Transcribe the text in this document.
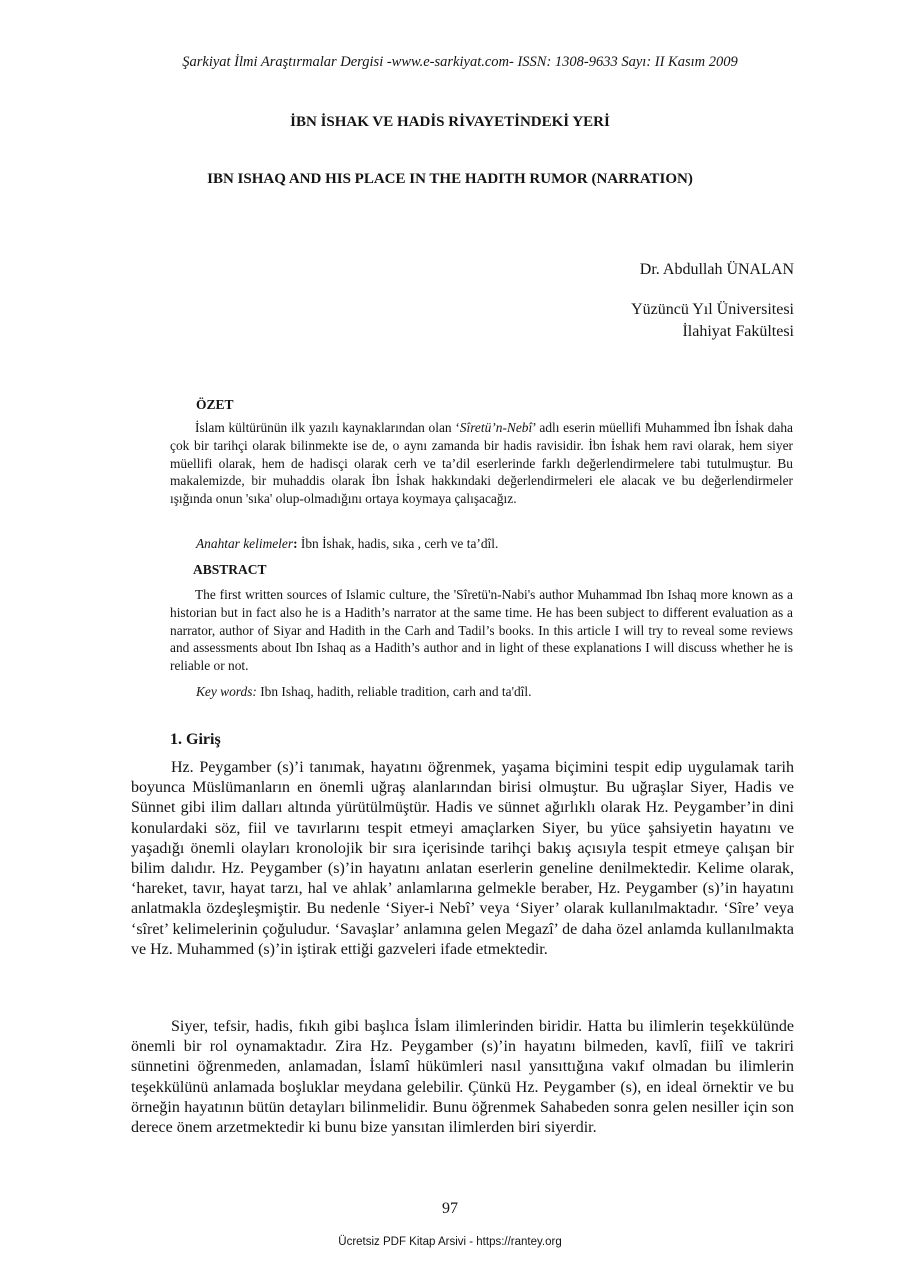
Şarkiyat İlmi Araştırmalar Dergisi -www.e-sarkiyat.com- ISSN: 1308-9633 Sayı: II Kasım 2009
İBN İSHAK VE HADİS RİVAYETİNDEKİ YERİ
IBN ISHAQ AND HIS PLACE IN THE HADITH RUMOR (NARRATION)
Dr. Abdullah ÜNALAN
Yüzüncü Yıl Üniversitesi
İlahiyat Fakültesi
ÖZET

İslam kültürünün ilk yazılı kaynaklarından olan ‘Sîretü’n-Nebî’ adlı eserin müellifi Muhammed İbn İshak daha çok bir tarihçi olarak bilinmekte ise de, o aynı zamanda bir hadis ravisidir. İbn İshak hem ravi olarak, hem siyer müellifi olarak, hem de hadisçi olarak cerh ve ta’dil eserlerinde farklı değerlendirmelere tabi tutulmuştur. Bu makalemizde, bir muhaddis olarak İbn İshak hakkındaki değerlendirmeleri ele alacak ve bu değerlendirmeler ışığında onun 'sıka' olup-olmadığını ortaya koymaya çalışacağız.

Anahtar kelimeler: İbn İshak, hadis, sıka , cerh ve ta’dîl.
ABSTRACT

The first written sources of Islamic culture, the 'Sîretü'n-Nabi's author Muhammad Ibn Ishaq more known as a historian but in fact also he is a Hadith’s narrator at the same time. He has been subject to different evaluation as a narrator, author of Siyar and Hadith in the Carh and Tadil’s books. In this article I will try to reveal some reviews and assessments about Ibn Ishaq as a Hadith’s author and in light of these explanations I will discuss whether he is reliable or not.

Key words: Ibn Ishaq, hadith, reliable tradition, carh and ta'dîl.
1. Giriş

Hz. Peygamber (s)’i tanımak, hayatını öğrenmek, yaşama biçimini tespit edip uygulamak tarih boyunca Müslümanların en önemli uğraş alanlarından birisi olmuştur. Bu uğraşlar Siyer, Hadis ve Sünnet gibi ilim dalları altında yürütülmüştür. Hadis ve sünnet ağırlıklı olarak Hz. Peygamber’in dini konulardaki söz, fiil ve tavırlarını tespit etmeyi amaçlarken Siyer, bu yüce şahsiyetin hayatını ve yaşadığı önemli olayları kronolojik bir sıra içerisinde tarihçi bakış açısıyla tespit etmeye çalışan bir bilim dalıdır. Hz. Peygamber (s)’in hayatını anlatan eserlerin geneline denilmektedir. Kelime olarak, ‘hareket, tavır, hayat tarzı, hal ve ahlak’ anlamlarına gelmekle beraber, Hz. Peygamber (s)’in hayatını anlatmakla özdeşleşmiştir. Bu nedenle ‘Siyer-i Nebî’ veya ‘Siyer’ olarak kullanılmaktadır. ‘Sîre’ veya ‘sîret’ kelimelerinin çoğuludur. ‘Savaşlar’ anlamına gelen Megazî’ de daha özel anlamda kullanılmakta ve Hz. Muhammed (s)’in iştirak ettiği gazveleri ifade etmektedir.

Siyer, tefsir, hadis, fıkıh gibi başlıca İslam ilimlerinden biridir. Hatta bu ilimlerin teşekkülünde önemli bir rol oynamaktadır. Zira Hz. Peygamber (s)’in hayatını bilmeden, kavlî, fiilî ve takriri sünnetini öğrenmeden, anlamadan, İslamî hükümleri nasıl yansıttığına vakıf olmadan bu ilimlerin teşekkülünü anlamada boşluklar meydana gelebilir. Çünkü Hz. Peygamber (s), en ideal örnektir ve bu örneğin hayatının bütün detayları bilinmelidir. Bunu öğrenmek Sahabeden sonra gelen nesiller için son derece önem arzetmektedir ki bunu bize yansıtan ilimlerden biri siyerdir.

97
Ücretsiz PDF Kitap Arsivi - https://rantey.org
